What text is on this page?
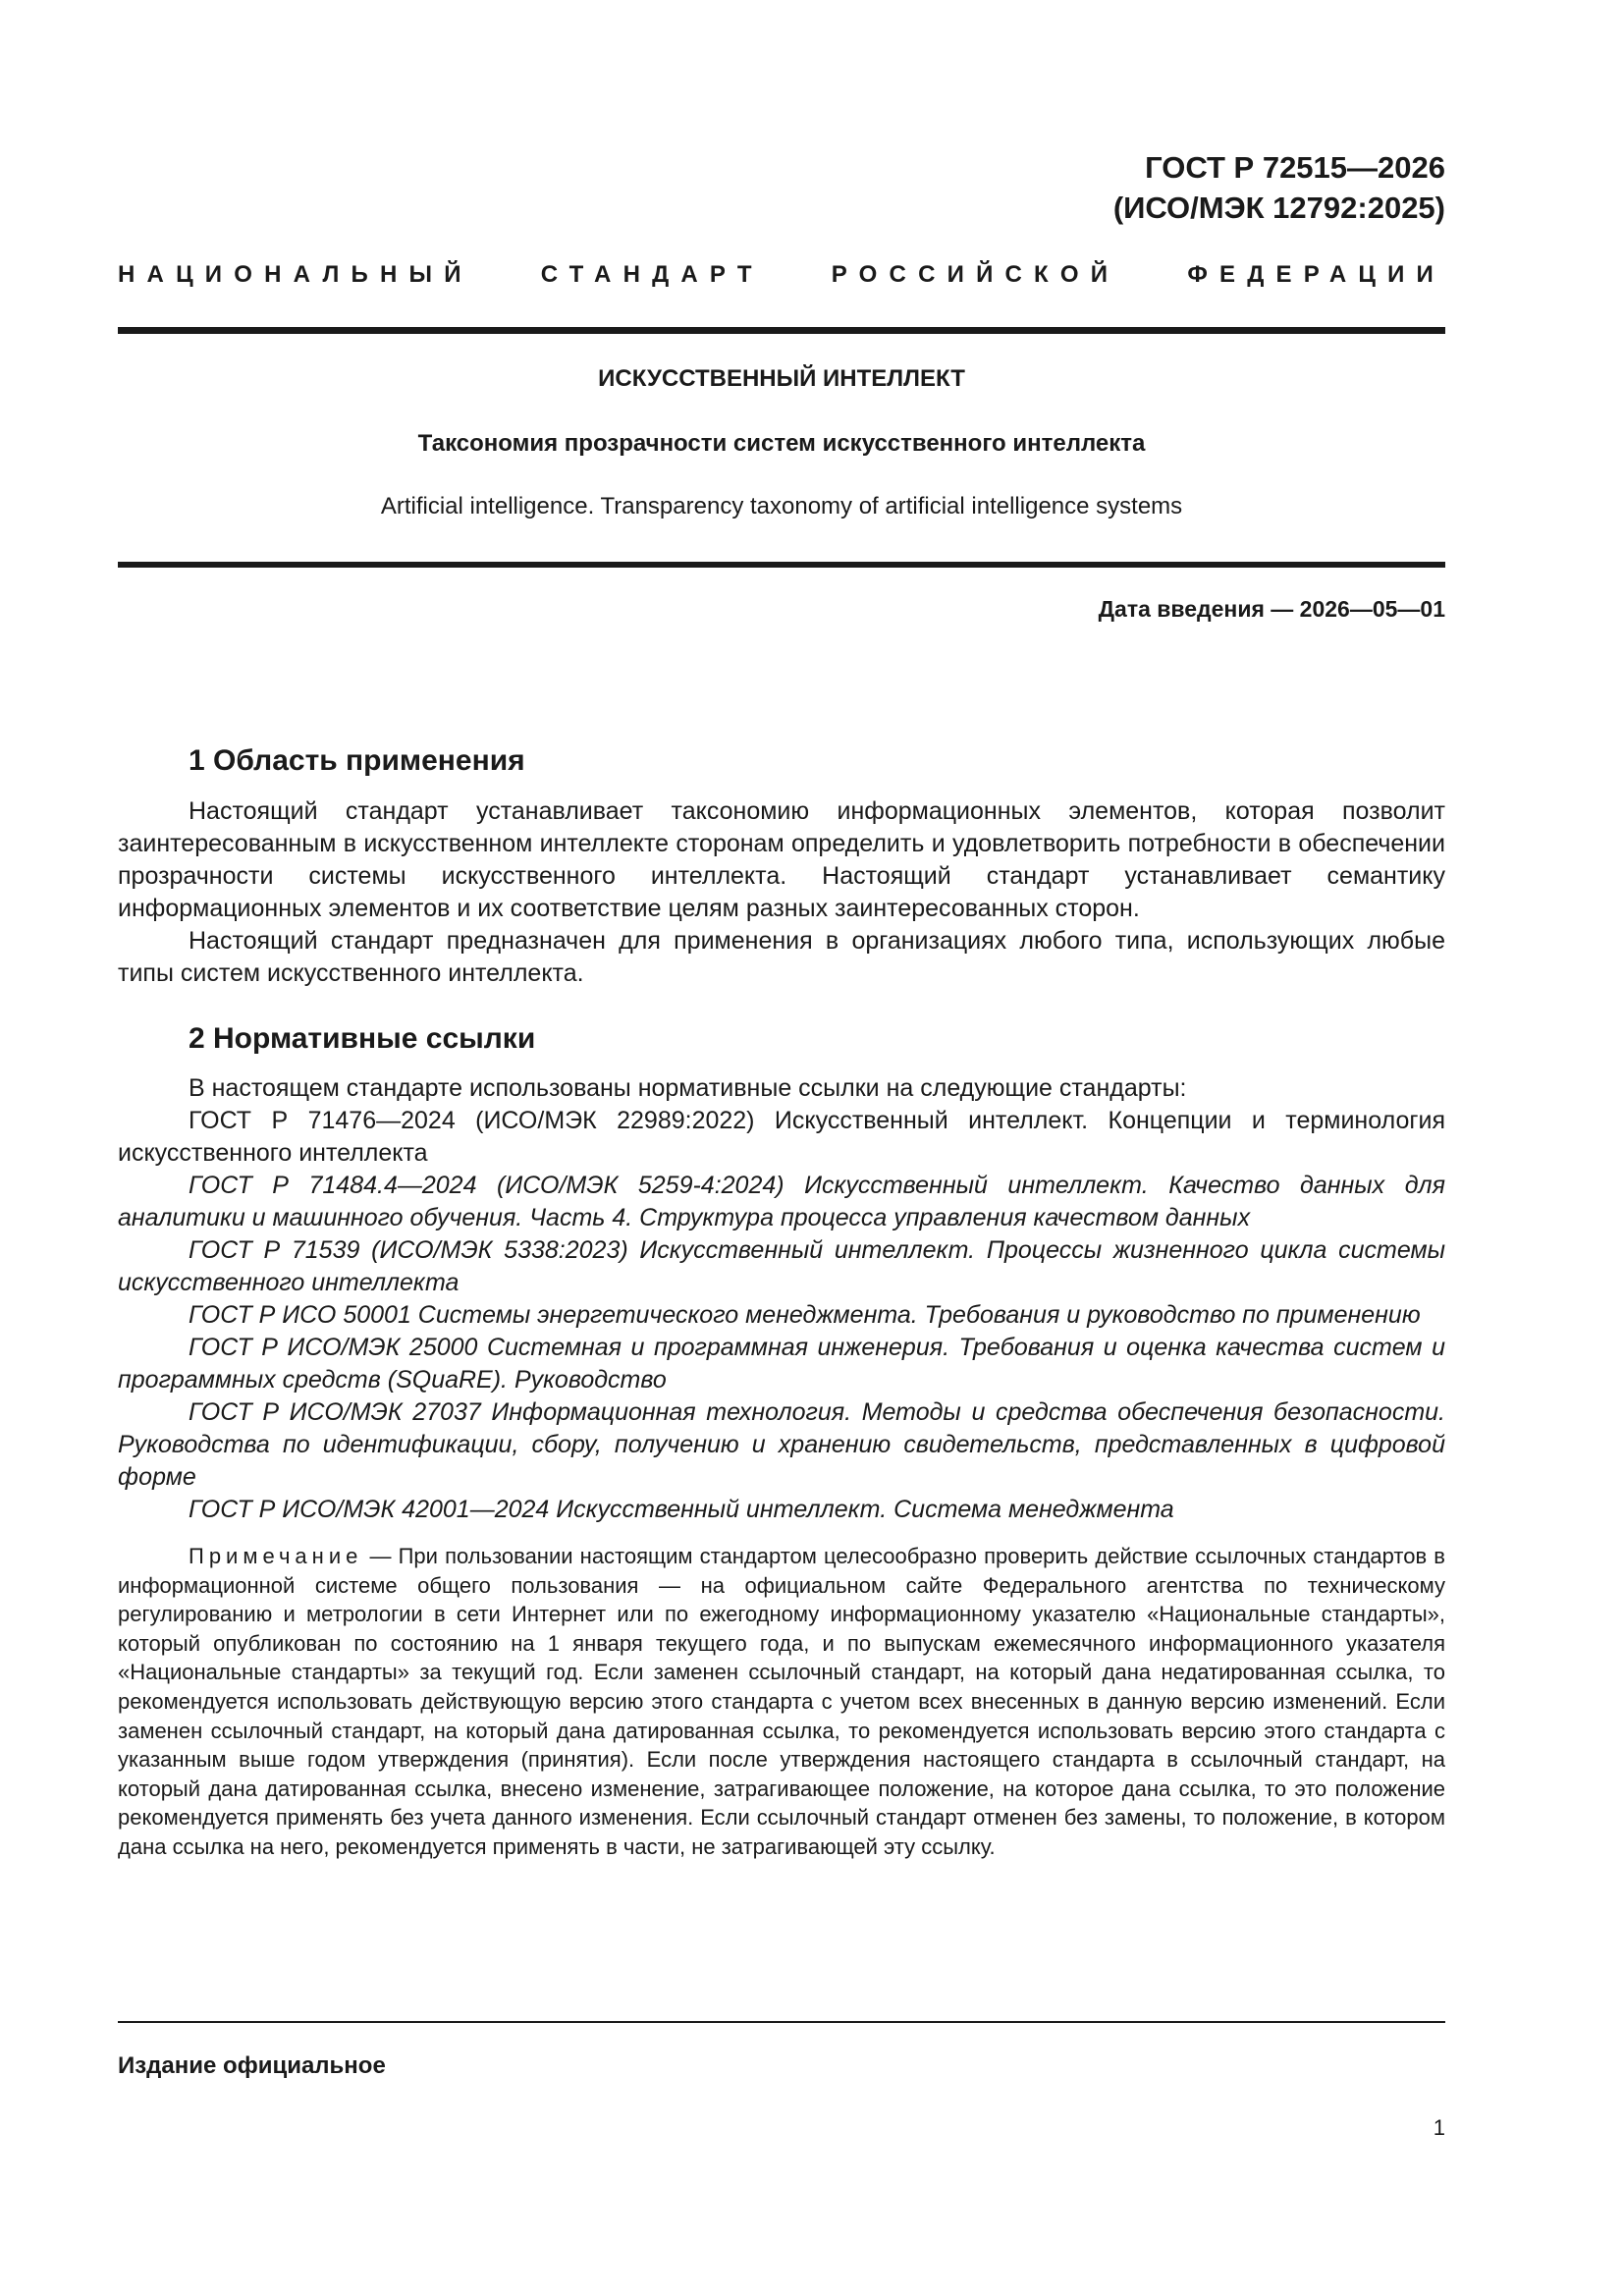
ГОСТ Р 72515—2026
(ИСО/МЭК 12792:2025)
НАЦИОНАЛЬНЫЙ СТАНДАРТ РОССИЙСКОЙ ФЕДЕРАЦИИ
ИСКУССТВЕННЫЙ ИНТЕЛЛЕКТ
Таксономия прозрачности систем искусственного интеллекта
Artificial intelligence. Transparency taxonomy of artificial intelligence systems
Дата введения — 2026—05—01
1 Область применения

Настоящий стандарт устанавливает таксономию информационных элементов, которая позволит заинтересованным в искусственном интеллекте сторонам определить и удовлетворить потребности в обеспечении прозрачности системы искусственного интеллекта. Настоящий стандарт устанавливает семантику информационных элементов и их соответствие целям разных заинтересованных сторон.

Настоящий стандарт предназначен для применения в организациях любого типа, использующих любые типы систем искусственного интеллекта.

2 Нормативные ссылки

В настоящем стандарте использованы нормативные ссылки на следующие стандарты:

ГОСТ Р 71476—2024 (ИСО/МЭК 22989:2022) Искусственный интеллект. Концепции и терминология искусственного интеллекта

ГОСТ Р 71484.4—2024 (ИСО/МЭК 5259-4:2024) Искусственный интеллект. Качество данных для аналитики и машинного обучения. Часть 4. Структура процесса управления качеством данных

ГОСТ Р 71539 (ИСО/МЭК 5338:2023) Искусственный интеллект. Процессы жизненного цикла системы искусственного интеллекта

ГОСТ Р ИСО 50001 Системы энергетического менеджмента. Требования и руководство по применению

ГОСТ Р ИСО/МЭК 25000 Системная и программная инженерия. Требования и оценка качества систем и программных средств (SQuaRE). Руководство

ГОСТ Р ИСО/МЭК 27037 Информационная технология. Методы и средства обеспечения безопасности. Руководства по идентификации, сбору, получению и хранению свидетельств, представленных в цифровой форме

ГОСТ Р ИСО/МЭК 42001—2024 Искусственный интеллект. Система менеджмента

Примечание — При пользовании настоящим стандартом целесообразно проверить действие ссылочных стандартов в информационной системе общего пользования — на официальном сайте Федерального агентства по техническому регулированию и метрологии в сети Интернет или по ежегодному информационному указателю «Национальные стандарты», который опубликован по состоянию на 1 января текущего года, и по выпускам ежемесячного информационного указателя «Национальные стандарты» за текущий год. Если заменен ссылочный стандарт, на который дана недатированная ссылка, то рекомендуется использовать действующую версию этого стандарта с учетом всех внесенных в данную версию изменений. Если заменен ссылочный стандарт, на который дана датированная ссылка, то рекомендуется использовать версию этого стандарта с указанным выше годом утверждения (принятия). Если после утверждения настоящего стандарта в ссылочный стандарт, на который дана датированная ссылка, внесено изменение, затрагивающее положение, на которое дана ссылка, то это положение рекомендуется применять без учета данного изменения. Если ссылочный стандарт отменен без замены, то положение, в котором дана ссылка на него, рекомендуется применять в части, не затрагивающей эту ссылку.
Издание официальное
1
